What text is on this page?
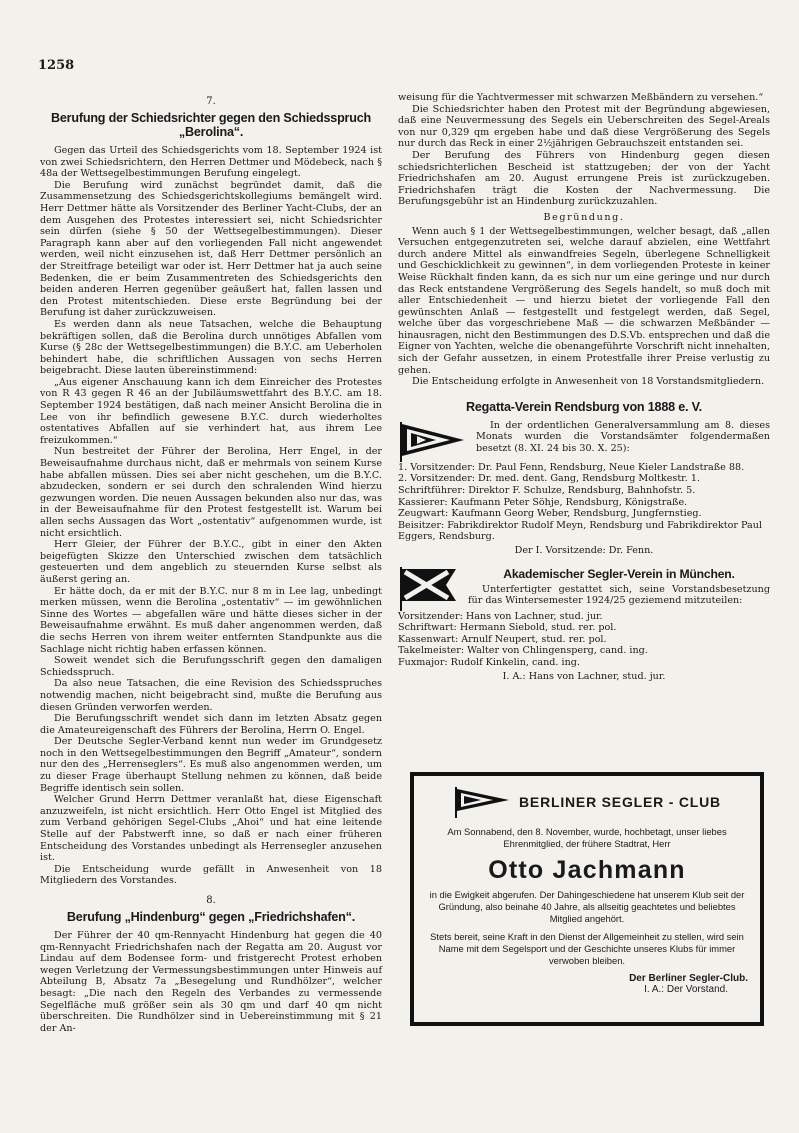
1258
7.
Berufung der Schiedsrichter gegen den Schiedsspruch
„Berolina“.

Gegen das Urteil des Schiedsgerichts vom 18. September 1924 ist von zwei Schiedsrichtern, den Herren Dettmer und Mödebeck, nach § 48a der Wettsegelbestimmungen Berufung eingelegt.

Die Berufung wird zunächst begründet damit, daß die Zusammensetzung des Schiedsgerichtskollegiums bemängelt wird. Herr Dettmer hätte als Vorsitzender des Berliner Yacht-Clubs, der an dem Ausgehen des Protestes interessiert sei, nicht Schiedsrichter sein dürfen (siehe § 50 der Wettsegelbestimmungen). Dieser Paragraph kann aber auf den vorliegenden Fall nicht angewendet werden, weil nicht einzusehen ist, daß Herr Dettmer persönlich an der Streitfrage beteiligt war oder ist. Herr Dettmer hat ja auch seine Bedenken, die er beim Zusammentreten des Schiedsgerichts den beiden anderen Herren gegenüber geäußert hat, fallen lassen und den Protest mitentschieden. Diese erste Begründung bei der Berufung ist daher zurückzuweisen.

Es werden dann als neue Tatsachen, welche die Behauptung bekräftigen sollen, daß die Berolina durch unnötiges Abfallen vom Kurse (§ 28c der Wettsegelbestimmungen) die B.Y.C. am Ueberholen behindert habe, die schriftlichen Aussagen von sechs Herren beigebracht. Diese lauten übereinstimmend:

„Aus eigener Anschauung kann ich dem Einreicher des Protestes von R 43 gegen R 46 an der Jubiläumswettfahrt des B.Y.C. am 18. September 1924 bestätigen, daß nach meiner Ansicht Berolina die in Lee von ihr befindlich gewesene B.Y.C. durch wiederholtes ostentatives Abfallen auf sie verhindert hat, aus ihrem Lee freizukommen.“

Nun bestreitet der Führer der Berolina, Herr Engel, in der Beweisaufnahme durchaus nicht, daß er mehrmals von seinem Kurse habe abfallen müssen. Dies sei aber nicht geschehen, um die B.Y.C. abzudecken, sondern er sei durch den schralenden Wind hierzu gezwungen worden. Die neuen Aussagen bekunden also nur das, was in der Beweisaufnahme für den Protest festgestellt ist. Warum bei allen sechs Aussagen das Wort „ostentativ“ aufgenommen wurde, ist nicht ersichtlich.

Herr Gleier, der Führer der B.Y.C., gibt in einer den Akten beigefügten Skizze den Unterschied zwischen dem tatsächlich gesteuerten und dem angeblich zu steuernden Kurse selbst als äußerst gering an.

Er hätte doch, da er mit der B.Y.C. nur 8 m in Lee lag, unbedingt merken müssen, wenn die Berolina „ostentativ“ — im gewöhnlichen Sinne des Wortes — abgefallen wäre und hätte dieses sicher in der Beweisaufnahme erwähnt. Es muß daher angenommen werden, daß die sechs Herren von ihrem weiter entfernten Standpunkte aus die Sachlage nicht richtig haben erfassen können.

Soweit wendet sich die Berufungsschrift gegen den damaligen Schiedsspruch.

Da also neue Tatsachen, die eine Revision des Schiedsspruches notwendig machen, nicht beigebracht sind, mußte die Berufung aus diesen Gründen verworfen werden.

Die Berufungsschrift wendet sich dann im letzten Absatz gegen die Amateureigenschaft des Führers der Berolina, Herrn O. Engel.

Der Deutsche Segler-Verband kennt nun weder im Grundgesetz noch in den Wettsegelbestimmungen den Begriff „Amateur“, sondern nur den des „Herrenseglers“. Es muß also angenommen werden, um zu dieser Frage überhaupt Stellung nehmen zu können, daß beide Begriffe identisch sein sollen.

Welcher Grund Herrn Dettmer veranlaßt hat, diese Eigenschaft anzuzweifeln, ist nicht ersichtlich. Herr Otto Engel ist Mitglied des zum Verband gehörigen Segel-Clubs „Ahoi“ und hat eine leitende Stelle auf der Pabstwerft inne, so daß er nach einer früheren Entscheidung des Vorstandes unbedingt als Herrensegler anzusehen ist.

Die Entscheidung wurde gefällt in Anwesenheit von 18 Mitgliedern des Vorstandes.

8.
Berufung „Hindenburg“ gegen „Friedrichshafen“.

Der Führer der 40 qm-Rennyacht Hindenburg hat gegen die 40 qm-Rennyacht Friedrichshafen nach der Regatta am 20. August vor Lindau auf dem Bodensee form- und fristgerecht Protest erhoben wegen Verletzung der Vermessungsbestimmungen unter Hinweis auf Abteilung B, Absatz 7a „Besegelung und Rundhölzer“, welcher besagt: „Die nach den Regeln des Verbandes zu vermessende Segelfläche muß größer sein als 30 qm und darf 40 qm nicht überschreiten. Die Rundhölzer sind in Uebereinstimmung mit § 21 der An-

weisung für die Yachtvermesser mit schwarzen Meßbändern zu versehen.“

Die Schiedsrichter haben den Protest mit der Begründung abgewiesen, daß eine Neuvermessung des Segels ein Ueberschreiten des Segel-Areals von nur 0,329 qm ergeben habe und daß diese Vergrößerung des Segels nur durch das Reck in einer 2½jährigen Gebrauchszeit entstanden sei.

Der Berufung des Führers von Hindenburg gegen diesen schiedsrichterlichen Bescheid ist stattzugeben; der von der Yacht Friedrichshafen am 20. August errungene Preis ist zurückzugeben. Friedrichshafen trägt die Kosten der Nachvermessung. Die Berufungsgebühr ist an Hindenburg zurückzuzahlen.

Begründung.

Wenn auch § 1 der Wettsegelbestimmungen, welcher besagt, daß „allen Versuchen entgegenzutreten sei, welche darauf abzielen, eine Wettfahrt durch andere Mittel als einwandfreies Segeln, überlegene Schnelligkeit und Geschicklichkeit zu gewinnen“, in dem vorliegenden Proteste in keiner Weise Rückhalt finden kann, da es sich nur um eine geringe und nur durch das Reck entstandene Vergrößerung des Segels handelt, so muß doch mit aller Entschiedenheit — und hierzu bietet der vorliegende Fall den gewünschten Anlaß — festgestellt und festgelegt werden, daß Segel, welche über das vorgeschriebene Maß — die schwarzen Meßbänder — hinausragen, nicht den Bestimmungen des D.S.Vb. entsprechen und daß die Eigner von Yachten, welche die obenangeführte Vorschrift nicht innehalten, sich der Gefahr aussetzen, in einem Protestfalle ihrer Preise verlustig zu gehen.

Die Entscheidung erfolgte in Anwesenheit von 18 Vorstandsmitgliedern.

Regatta-Verein Rendsburg von 1888 e. V.

In der ordentlichen Generalversammlung am 8. dieses Monats wurden die Vorstandsämter folgendermaßen besetzt (8. XI. 24 bis 30. X. 25):

1. Vorsitzender: Dr. Paul Fenn, Rendsburg, Neue Kieler Landstraße 88.

2. Vorsitzender: Dr. med. dent. Gang, Rendsburg Moltkestr. 1.

Schriftführer: Direktor F. Schulze, Rendsburg, Bahnhofstr. 5.

Kassierer: Kaufmann Peter Söhje, Rendsburg, Königstraße.

Zeugwart: Kaufmann Georg Weber, Rendsburg, Jungfernstieg.

Beisitzer: Fabrikdirektor Rudolf Meyn, Rendsburg und Fabrikdirektor Paul Eggers, Rendsburg.

Der I. Vorsitzende: Dr. Fenn.

Akademischer Segler-Verein in München.

Unterfertigter gestattet sich, seine Vorstandsbesetzung für das Wintersemester 1924/25 geziemend mitzuteilen:

Vorsitzender: Hans von Lachner, stud. jur.

Schriftwart: Hermann Siebold, stud. rer. pol.

Kassenwart: Arnulf Neupert, stud. rer. pol.

Takelmeister: Walter von Chlingensperg, cand. ing.

Fuxmajor: Rudolf Kinkelin, cand. ing.

I. A.: Hans von Lachner, stud. jur.

BERLINER SEGLER - CLUB

Am Sonnabend, den 8. November, wurde, hochbetagt, unser liebes Ehrenmitglied, der frühere Stadtrat, Herr

Otto Jachmann

in die Ewigkeit abgerufen. Der Dahingeschiedene hat unserem Klub seit der Gründung, also beinahe 40 Jahre, als allseitig geachtetes und beliebtes Mitglied angehört.

Stets bereit, seine Kraft in den Dienst der Allgemeinheit zu stellen, wird sein Name mit dem Segelsport und der Geschichte unseres Klubs für immer verwoben bleiben.

Der Berliner Segler-Club.
I. A.: Der Vorstand.
